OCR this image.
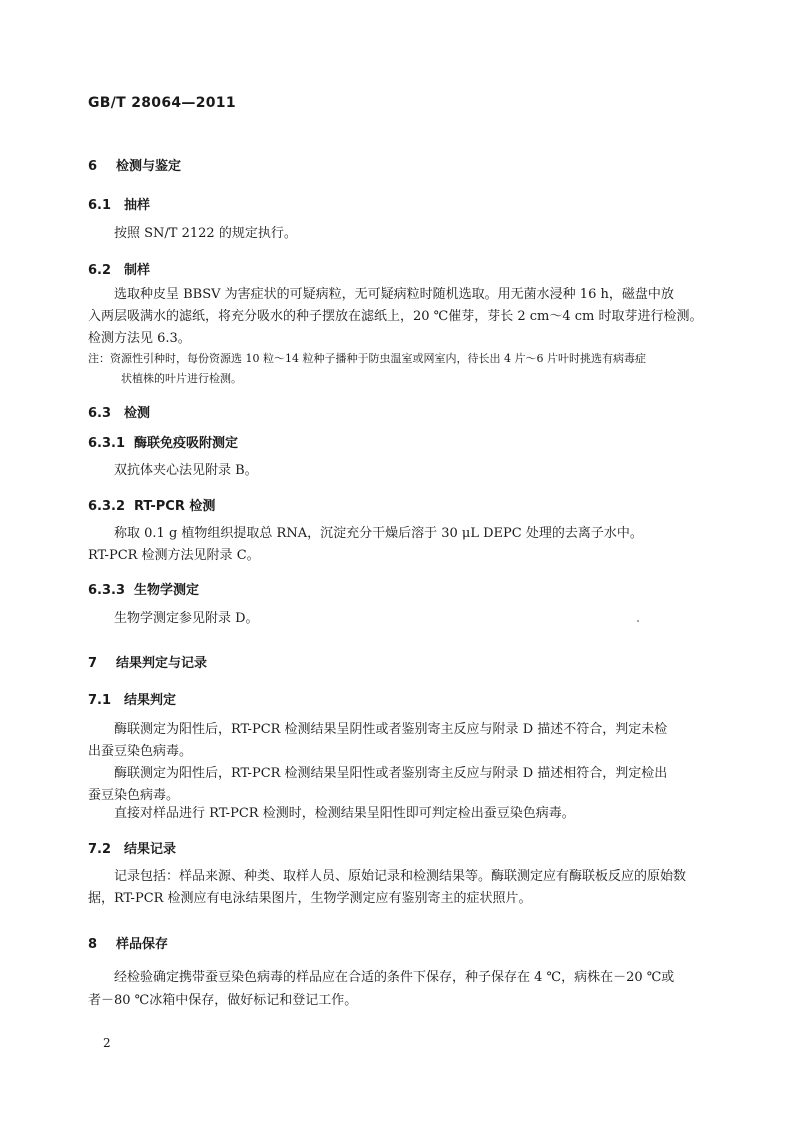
GB/T 28064—2011
6 检测与鉴定
6.1 抽样
按照 SN/T 2122 的规定执行。
6.2 制样
选取种皮呈 BBSV 为害症状的可疑病粒，无可疑病粒时随机选取。用无菌水浸种 16 h，磁盘中放
入两层吸满水的滤纸，将充分吸水的种子摆放在滤纸上，20 ℃催芽，芽长 2 cm～4 cm 时取芽进行检测。
检测方法见 6.3。
注：资源性引种时，每份资源选 10 粒～14 粒种子播种于防虫温室或网室内，待长出 4 片～6 片叶时挑选有病毒症
状植株的叶片进行检测。
6.3 检测
6.3.1 酶联免疫吸附测定
双抗体夹心法见附录 B。
6.3.2 RT-PCR 检测
称取 0.1 g 植物组织提取总 RNA，沉淀充分干燥后溶于 30 μL DEPC 处理的去离子水中。
RT-PCR 检测方法见附录 C。
6.3.3 生物学测定
生物学测定参见附录 D。
7 结果判定与记录
7.1 结果判定
酶联测定为阳性后，RT-PCR 检测结果呈阴性或者鉴别寄主反应与附录 D 描述不符合，判定未检
出蚕豆染色病毒。
酶联测定为阳性后，RT-PCR 检测结果呈阳性或者鉴别寄主反应与附录 D 描述相符合，判定检出
蚕豆染色病毒。
直接对样品进行 RT-PCR 检测时，检测结果呈阳性即可判定检出蚕豆染色病毒。
7.2 结果记录
记录包括：样品来源、种类、取样人员、原始记录和检测结果等。酶联测定应有酶联板反应的原始数
据，RT-PCR 检测应有电泳结果图片，生物学测定应有鉴别寄主的症状照片。
8 样品保存
经检验确定携带蚕豆染色病毒的样品应在合适的条件下保存，种子保存在 4 ℃，病株在－20 ℃或
者－80 ℃冰箱中保存，做好标记和登记工作。
2
